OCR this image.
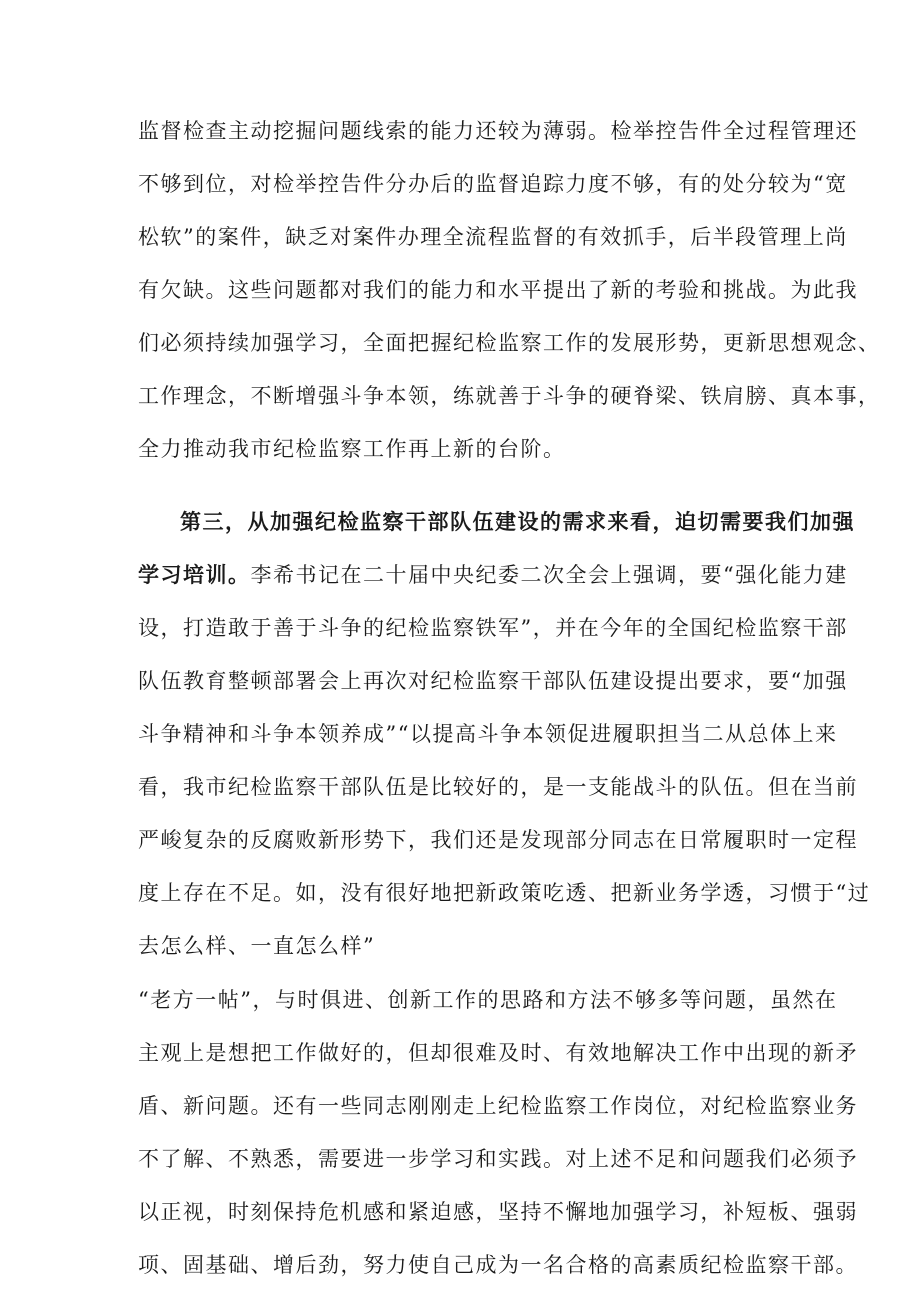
监督检查主动挖掘问题线索的能力还较为薄弱。检举控告件全过程管理还
不够到位，对检举控告件分办后的监督追踪力度不够，有的处分较为“宽
松软”的案件，缺乏对案件办理全流程监督的有效抓手，后半段管理上尚
有欠缺。这些问题都对我们的能力和水平提出了新的考验和挑战。为此我
们必须持续加强学习，全面把握纪检监察工作的发展形势，更新思想观念、
工作理念，不断增强斗争本领，练就善于斗争的硬脊梁、铁肩膀、真本事，
全力推动我市纪检监察工作再上新的台阶。
第三，从加强纪检监察干部队伍建设的需求来看，迫切需要我们加强
学习培训。李希书记在二十届中央纪委二次全会上强调，要“强化能力建
设，打造敢于善于斗争的纪检监察铁军”，并在今年的全国纪检监察干部
队伍教育整顿部署会上再次对纪检监察干部队伍建设提出要求，要“加强
斗争精神和斗争本领养成”“以提高斗争本领促进履职担当二从总体上来
看，我市纪检监察干部队伍是比较好的，是一支能战斗的队伍。但在当前
严峻复杂的反腐败新形势下，我们还是发现部分同志在日常履职时一定程
度上存在不足。如，没有很好地把新政策吃透、把新业务学透，习惯于“过
去怎么样、一直怎么样”
“老方一帖”，与时俱进、创新工作的思路和方法不够多等问题，虽然在
主观上是想把工作做好的，但却很难及时、有效地解决工作中出现的新矛
盾、新问题。还有一些同志刚刚走上纪检监察工作岗位，对纪检监察业务
不了解、不熟悉，需要进一步学习和实践。对上述不足和问题我们必须予
以正视，时刻保持危机感和紧迫感，坚持不懈地加强学习，补短板、强弱
项、固基础、增后劲，努力使自己成为一名合格的高素质纪检监察干部。
